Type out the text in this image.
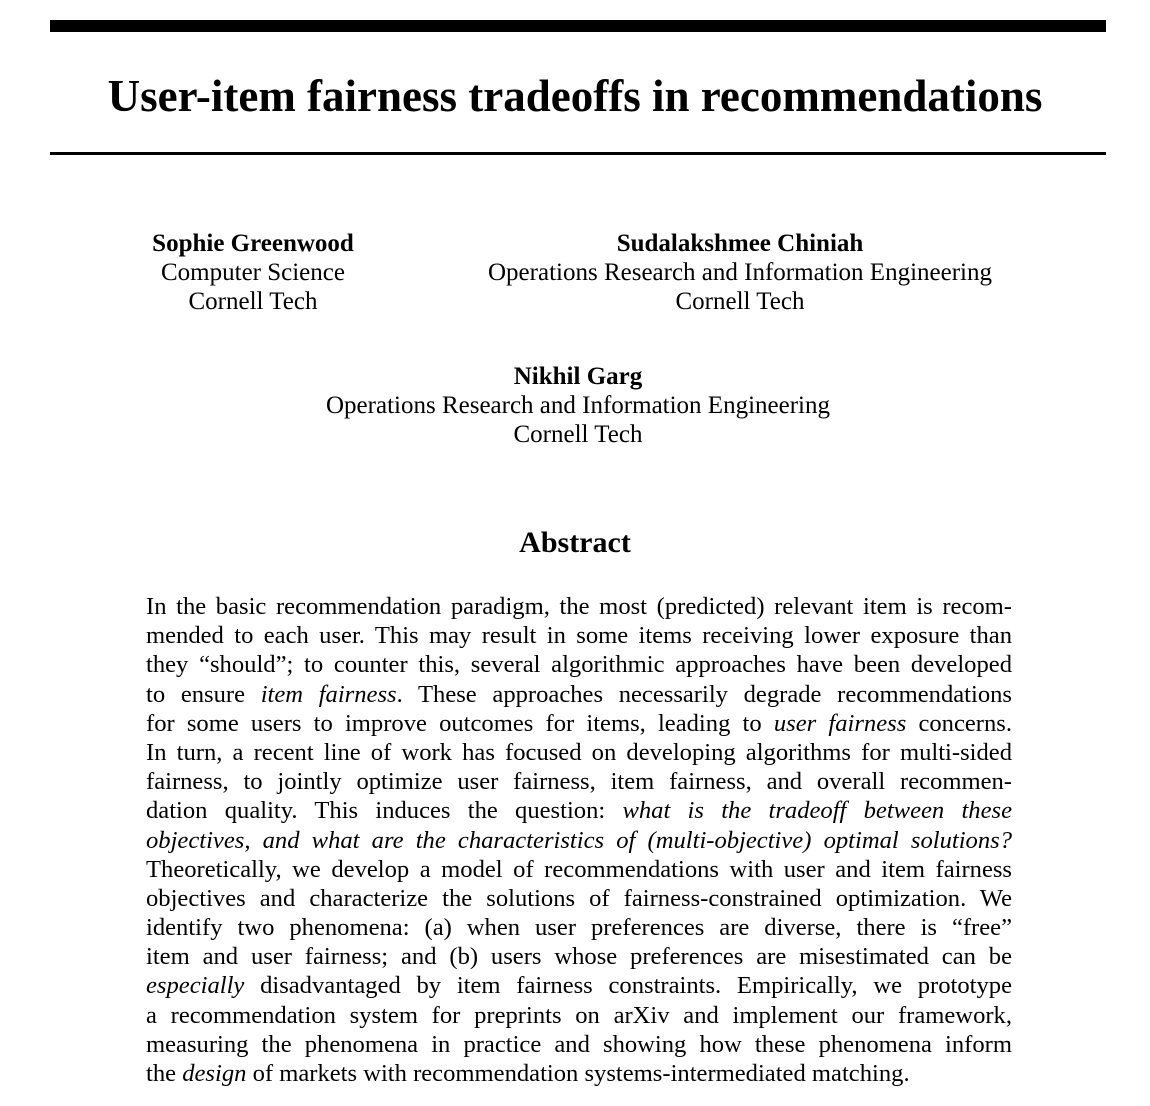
User-item fairness tradeoffs in recommendations
Sophie Greenwood
Computer Science
Cornell Tech
Sudalakshmee Chiniah
Operations Research and Information Engineering
Cornell Tech
Nikhil Garg
Operations Research and Information Engineering
Cornell Tech
Abstract
In the basic recommendation paradigm, the most (predicted) relevant item is recom-
mended to each user. This may result in some items receiving lower exposure than
they “should”; to counter this, several algorithmic approaches have been developed
to ensure item fairness. These approaches necessarily degrade recommendations
for some users to improve outcomes for items, leading to user fairness concerns.
In turn, a recent line of work has focused on developing algorithms for multi-sided
fairness, to jointly optimize user fairness, item fairness, and overall recommen-
dation quality. This induces the question: what is the tradeoff between these
objectives, and what are the characteristics of (multi-objective) optimal solutions?
Theoretically, we develop a model of recommendations with user and item fairness
objectives and characterize the solutions of fairness-constrained optimization. We
identify two phenomena: (a) when user preferences are diverse, there is “free”
item and user fairness; and (b) users whose preferences are misestimated can be
especially disadvantaged by item fairness constraints. Empirically, we prototype
a recommendation system for preprints on arXiv and implement our framework,
measuring the phenomena in practice and showing how these phenomena inform
the design of markets with recommendation systems-intermediated matching.
